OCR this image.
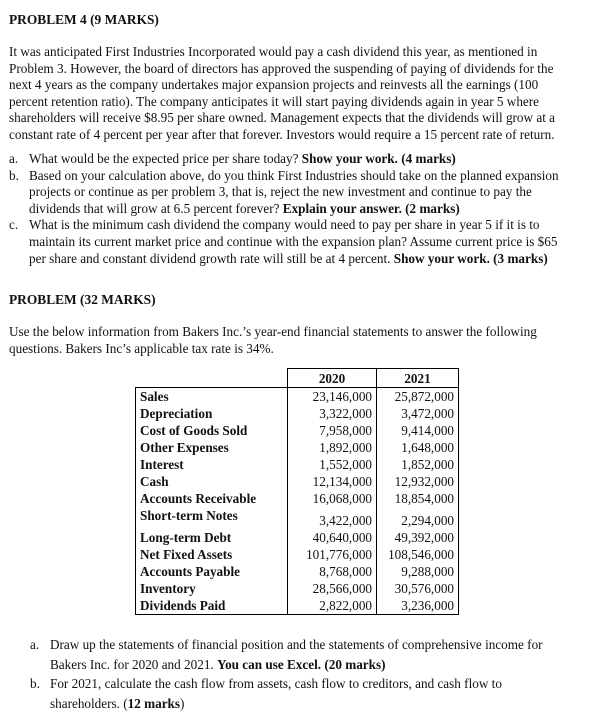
PROBLEM 4 (9 MARKS)
It was anticipated First Industries Incorporated would pay a cash dividend this year, as mentioned in
Problem 3. However, the board of directors has approved the suspending of paying of dividends for the
next 4 years as the company undertakes major expansion projects and reinvests all the earnings (100
percent retention ratio). The company anticipates it will start paying dividends again in year 5 where
shareholders will receive $8.95 per share owned. Management expects that the dividends will grow at a
constant rate of 4 percent per year after that forever. Investors would require a 15 percent rate of return.
a. What would be the expected price per share today? Show your work. (4 marks)
b. Based on your calculation above, do you think First Industries should take on the planned expansion
projects or continue as per problem 3, that is, reject the new investment and continue to pay the
dividends that will grow at 6.5 percent forever? Explain your answer. (2 marks)
c. What is the minimum cash dividend the company would need to pay per share in year 5 if it is to
maintain its current market price and continue with the expansion plan? Assume current price is $65
per share and constant dividend growth rate will still be at 4 percent. Show your work. (3 marks)
PROBLEM (32 MARKS)
Use the below information from Bakers Inc.’s year-end financial statements to answer the following
questions. Bakers Inc’s applicable tax rate is 34%.
	2020	2021
Sales	23,146,000	25,872,000
Depreciation	3,322,000	3,472,000
Cost of Goods Sold	7,958,000	9,414,000
Other Expenses	1,892,000	1,648,000
Interest	1,552,000	1,852,000
Cash	12,134,000	12,932,000
Accounts Receivable	16,068,000	18,854,000
Short-term Notes	3,422,000	2,294,000
Long-term Debt	40,640,000	49,392,000
Net Fixed Assets	101,776,000	108,546,000
Accounts Payable	8,768,000	9,288,000
Inventory	28,566,000	30,576,000
Dividends Paid	2,822,000	3,236,000
a. Draw up the statements of financial position and the statements of comprehensive income for
Bakers Inc. for 2020 and 2021. You can use Excel. (20 marks)
b. For 2021, calculate the cash flow from assets, cash flow to creditors, and cash flow to
shareholders. (12 marks)
